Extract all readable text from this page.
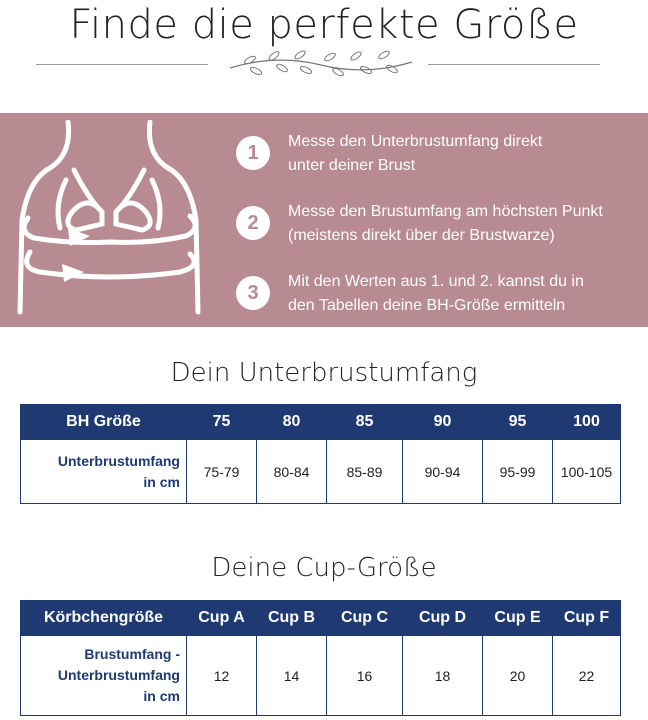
Finde die perfekte Größe
1
Messe den Unterbrustumfang direkt
unter deiner Brust
2
Messe den Brustumfang am höchsten Punkt
(meistens direkt über der Brustwarze)
3
Mit den Werten aus 1. und 2. kannst du in
den Tabellen deine BH-Größe ermitteln
Dein Unterbrustumfang
BH Größe	75	80	85	90	95	100

Unterbrustumfang
in cm	75-79	80-84	85-89	90-94	95-99	100-105
Deine Cup-Größe
Körbchengröße	Cup A	Cup B	Cup C	Cup D	Cup E	Cup F

Brustumfang -
Unterbrustumfang
in cm	12	14	16	18	20	22
